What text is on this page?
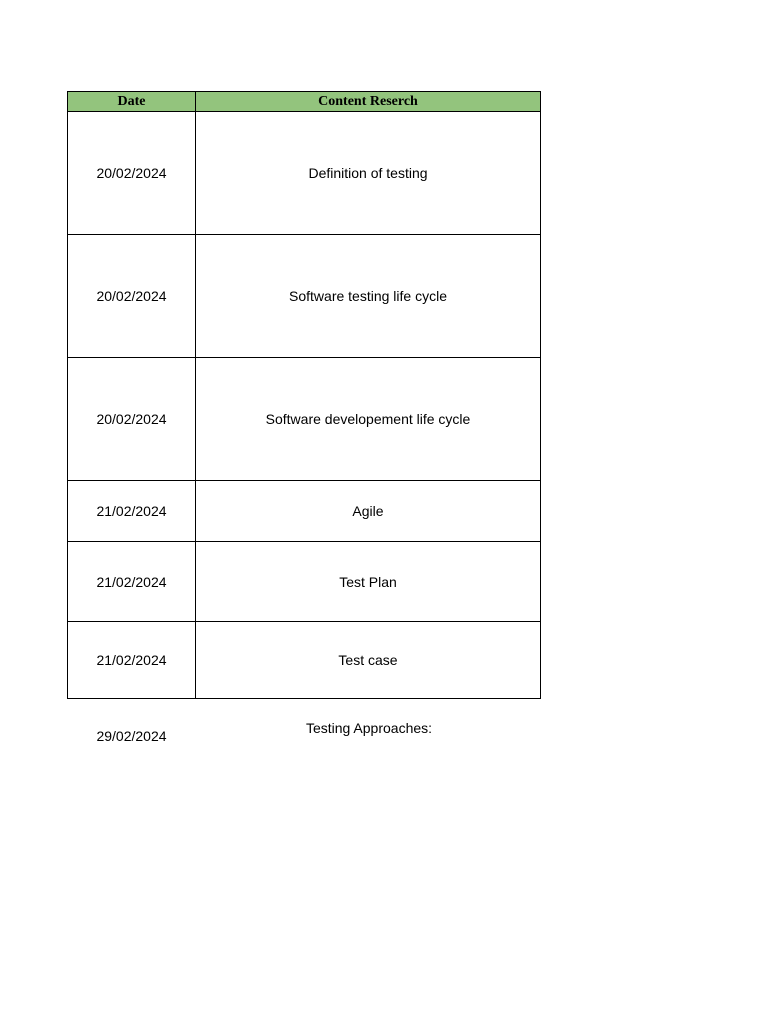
Date	Content Reserch
20/02/2024	Definition of testing
20/02/2024	Software testing life cycle
20/02/2024	Software developement life cycle
21/02/2024	Agile
21/02/2024	Test Plan
21/02/2024	Test case
29/02/2024	Testing Approaches:
